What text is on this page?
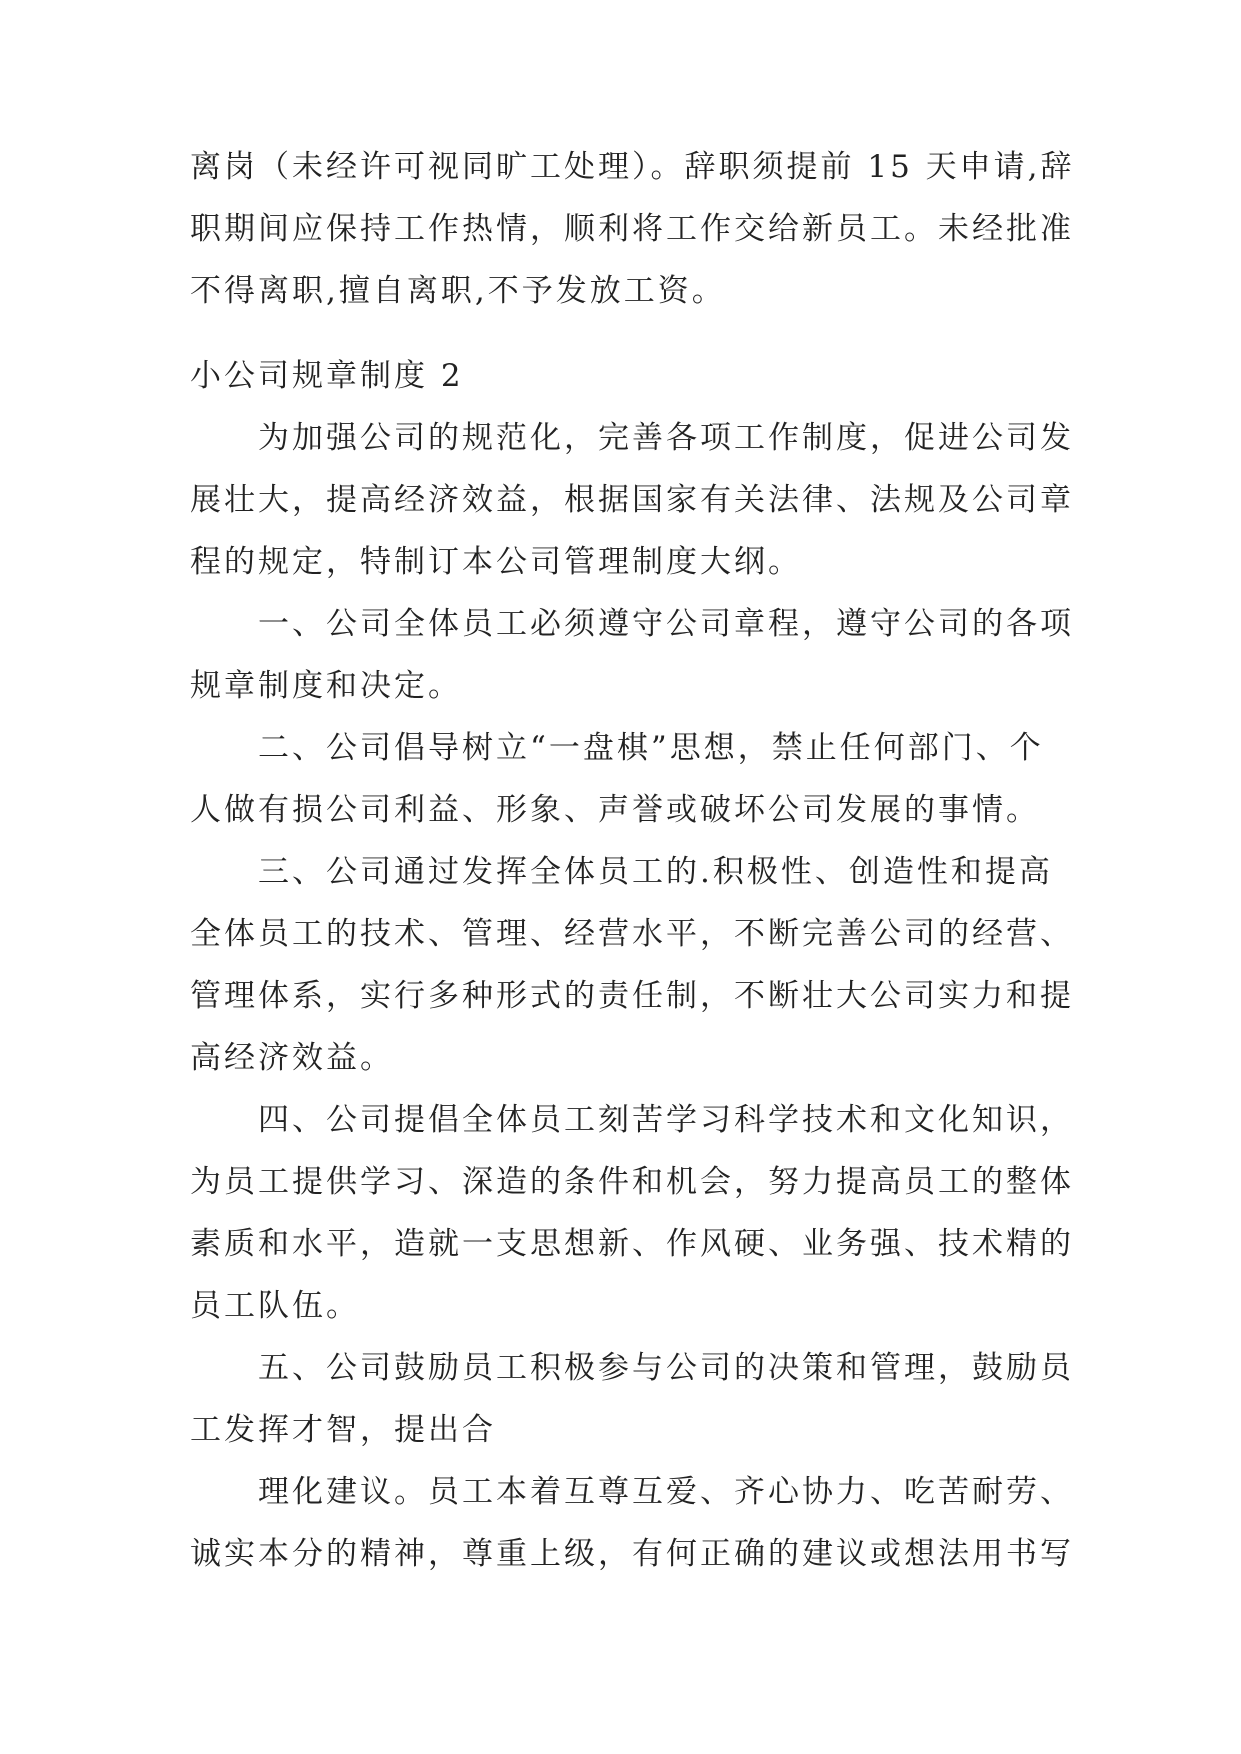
离岗（未经许可视同旷工处理）。辞职须提前 15 天申请,辞
职期间应保持工作热情，顺利将工作交给新员工。未经批准
不得离职,擅自离职,不予发放工资。
小公司规章制度 2
为加强公司的规范化，完善各项工作制度，促进公司发
展壮大，提高经济效益，根据国家有关法律、法规及公司章
程的规定，特制订本公司管理制度大纲。
一、公司全体员工必须遵守公司章程，遵守公司的各项
规章制度和决定。
二、公司倡导树立“一盘棋”思想，禁止任何部门、个
人做有损公司利益、形象、声誉或破坏公司发展的事情。
三、公司通过发挥全体员工的.积极性、创造性和提高
全体员工的技术、管理、经营水平，不断完善公司的经营、
管理体系，实行多种形式的责任制，不断壮大公司实力和提
高经济效益。
四、公司提倡全体员工刻苦学习科学技术和文化知识，
为员工提供学习、深造的条件和机会，努力提高员工的整体
素质和水平，造就一支思想新、作风硬、业务强、技术精的
员工队伍。
五、公司鼓励员工积极参与公司的决策和管理，鼓励员
工发挥才智，提出合
理化建议。员工本着互尊互爱、齐心协力、吃苦耐劳、
诚实本分的精神，尊重上级，有何正确的建议或想法用书写
